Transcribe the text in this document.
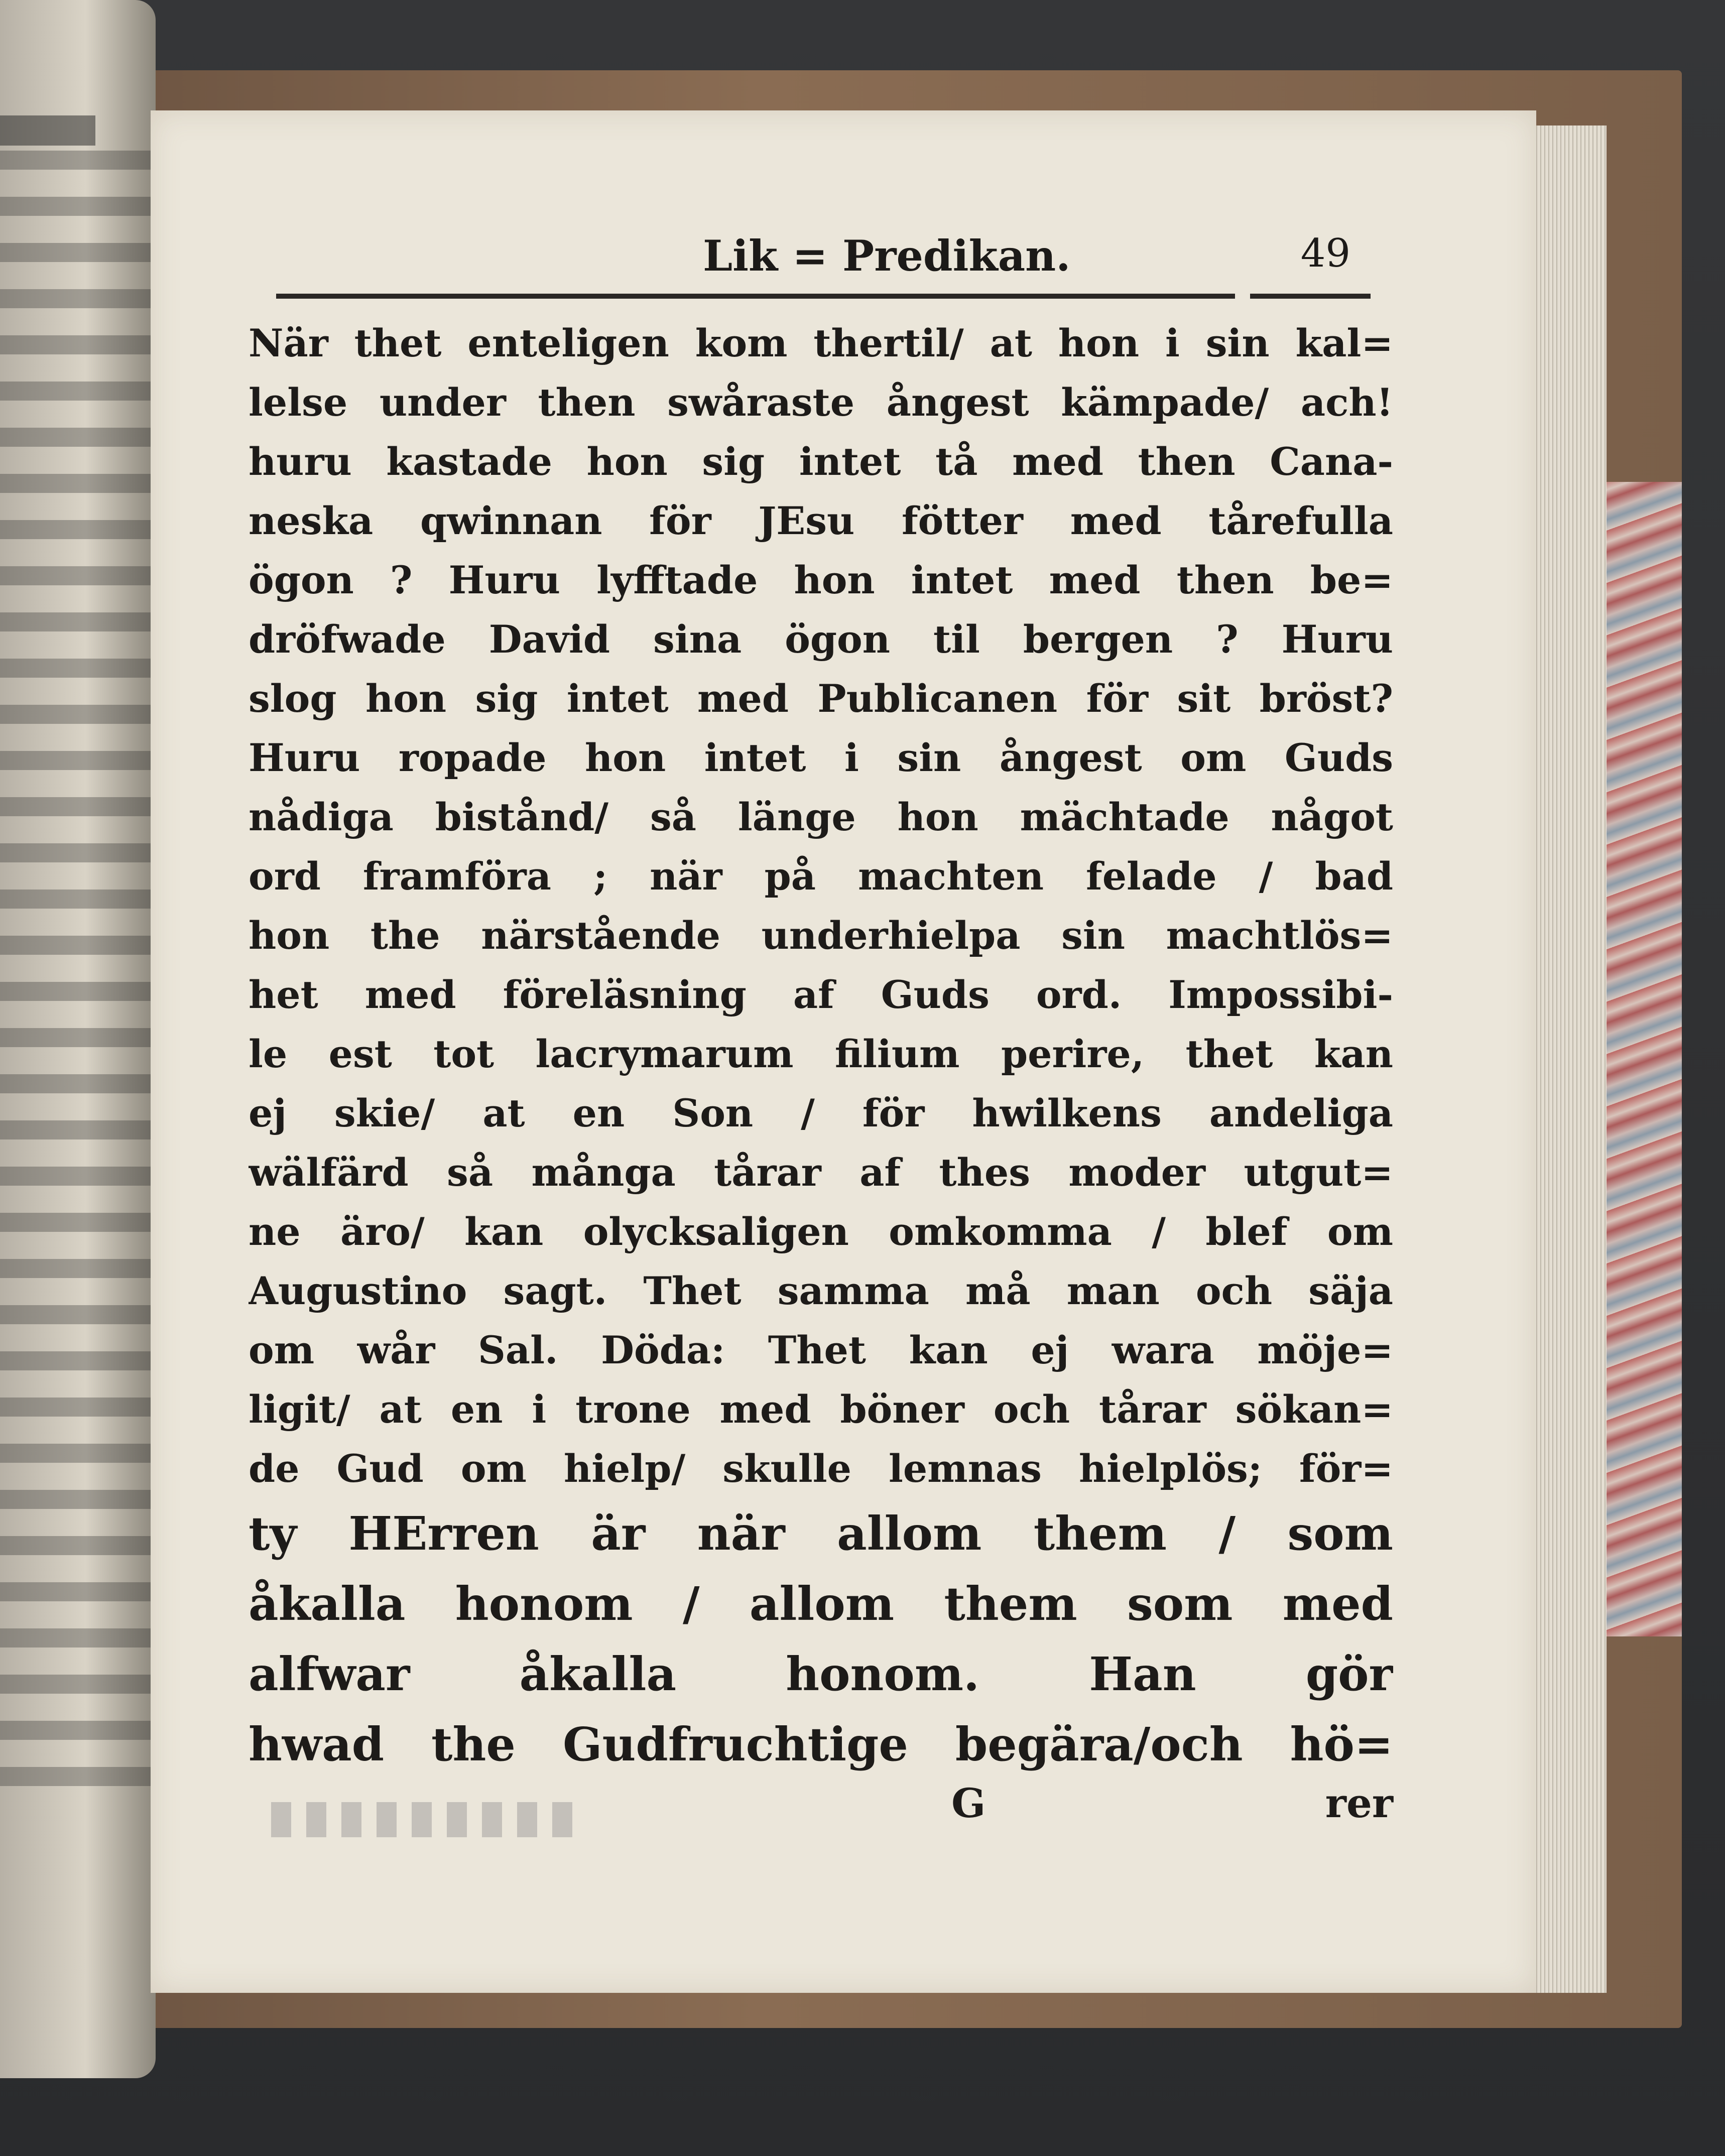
Lik = Predikan.	49
När thet enteligen kom thertil/ at hon i sin kal=
lelse under then swåraste ångest kämpade/ ach!
huru kastade hon sig intet tå med then Cana-
neska qwinnan för JEsu fötter med tårefulla
ögon ? Huru lyfftade hon intet med then be=
dröfwade David sina ögon til bergen ? Huru
slog hon sig intet med Publicanen för sit bröst?
Huru ropade hon intet i sin ångest om Guds
nådiga bistånd/ så länge hon mächtade något
ord framföra ; när på machten felade / bad
hon the närstående underhielpa sin machtlös=
het med föreläsning af Guds ord. Impossibi-
le est tot lacrymarum filium perire, thet kan
ej skie/ at en Son / för hwilkens andeliga
wälfärd så många tårar af thes moder utgut=
ne äro/ kan olycksaligen omkomma / blef om
Augustino sagt. Thet samma må man och säja
om wår Sal. Döda: Thet kan ej wara möje=
ligit/ at en i trone med böner och tårar sökan=
de Gud om hielp/ skulle lemnas hielplös; för=
ty HErren är när allom them / som
åkalla honom / allom them som med
alfwar åkalla honom. Han gör
hwad the Gudfruchtige begära/och hö=
G	rer
